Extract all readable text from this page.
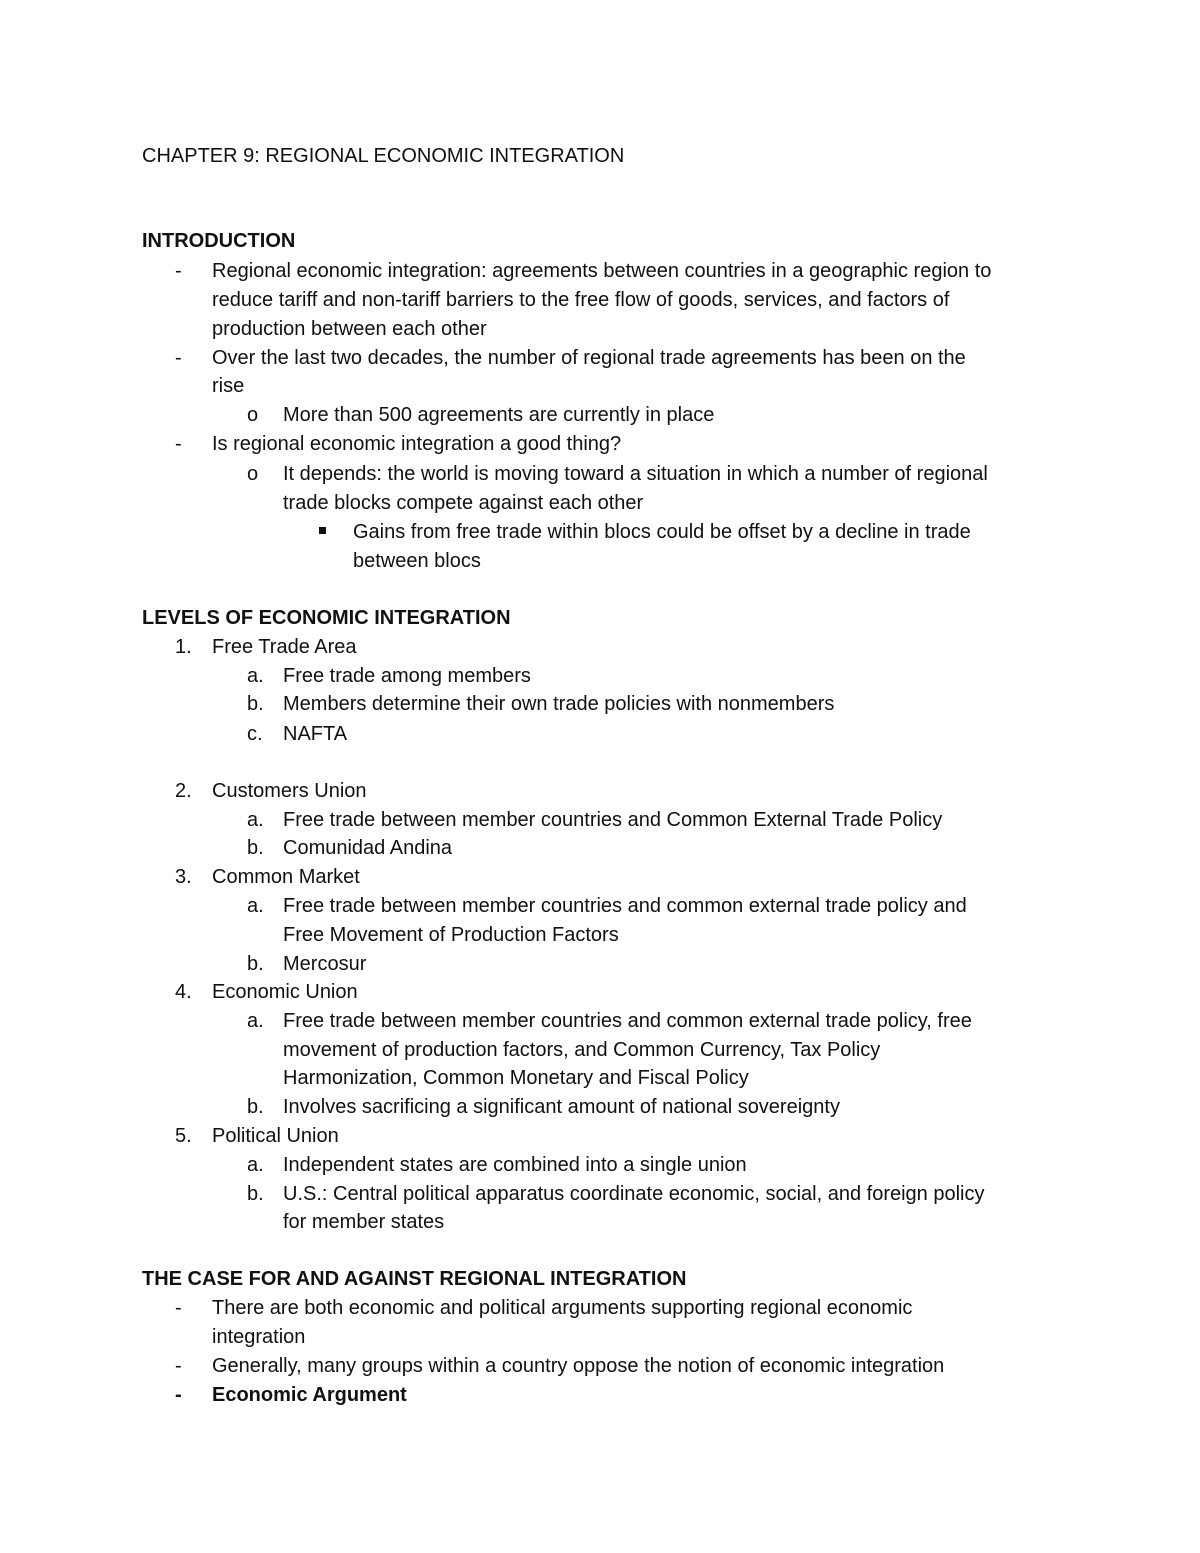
CHAPTER 9: REGIONAL ECONOMIC INTEGRATION
INTRODUCTION
- Regional economic integration: agreements between countries in a geographic region to
reduce tariff and non-tariff barriers to the free flow of goods, services, and factors of
production between each other
- Over the last two decades, the number of regional trade agreements has been on the
rise
o More than 500 agreements are currently in place
- Is regional economic integration a good thing?
o It depends: the world is moving toward a situation in which a number of regional
trade blocks compete against each other
Gains from free trade within blocs could be offset by a decline in trade
between blocs
LEVELS OF ECONOMIC INTEGRATION
1. Free Trade Area
a. Free trade among members
b. Members determine their own trade policies with nonmembers
c. NAFTA
2. Customers Union
a. Free trade between member countries and Common External Trade Policy
b. Comunidad Andina
3. Common Market
a. Free trade between member countries and common external trade policy and
Free Movement of Production Factors
b. Mercosur
4. Economic Union
a. Free trade between member countries and common external trade policy, free
movement of production factors, and Common Currency, Tax Policy
Harmonization, Common Monetary and Fiscal Policy
b. Involves sacrificing a significant amount of national sovereignty
5. Political Union
a. Independent states are combined into a single union
b. U.S.: Central political apparatus coordinate economic, social, and foreign policy
for member states
THE CASE FOR AND AGAINST REGIONAL INTEGRATION
- There are both economic and political arguments supporting regional economic
integration
- Generally, many groups within a country oppose the notion of economic integration
- Economic Argument
